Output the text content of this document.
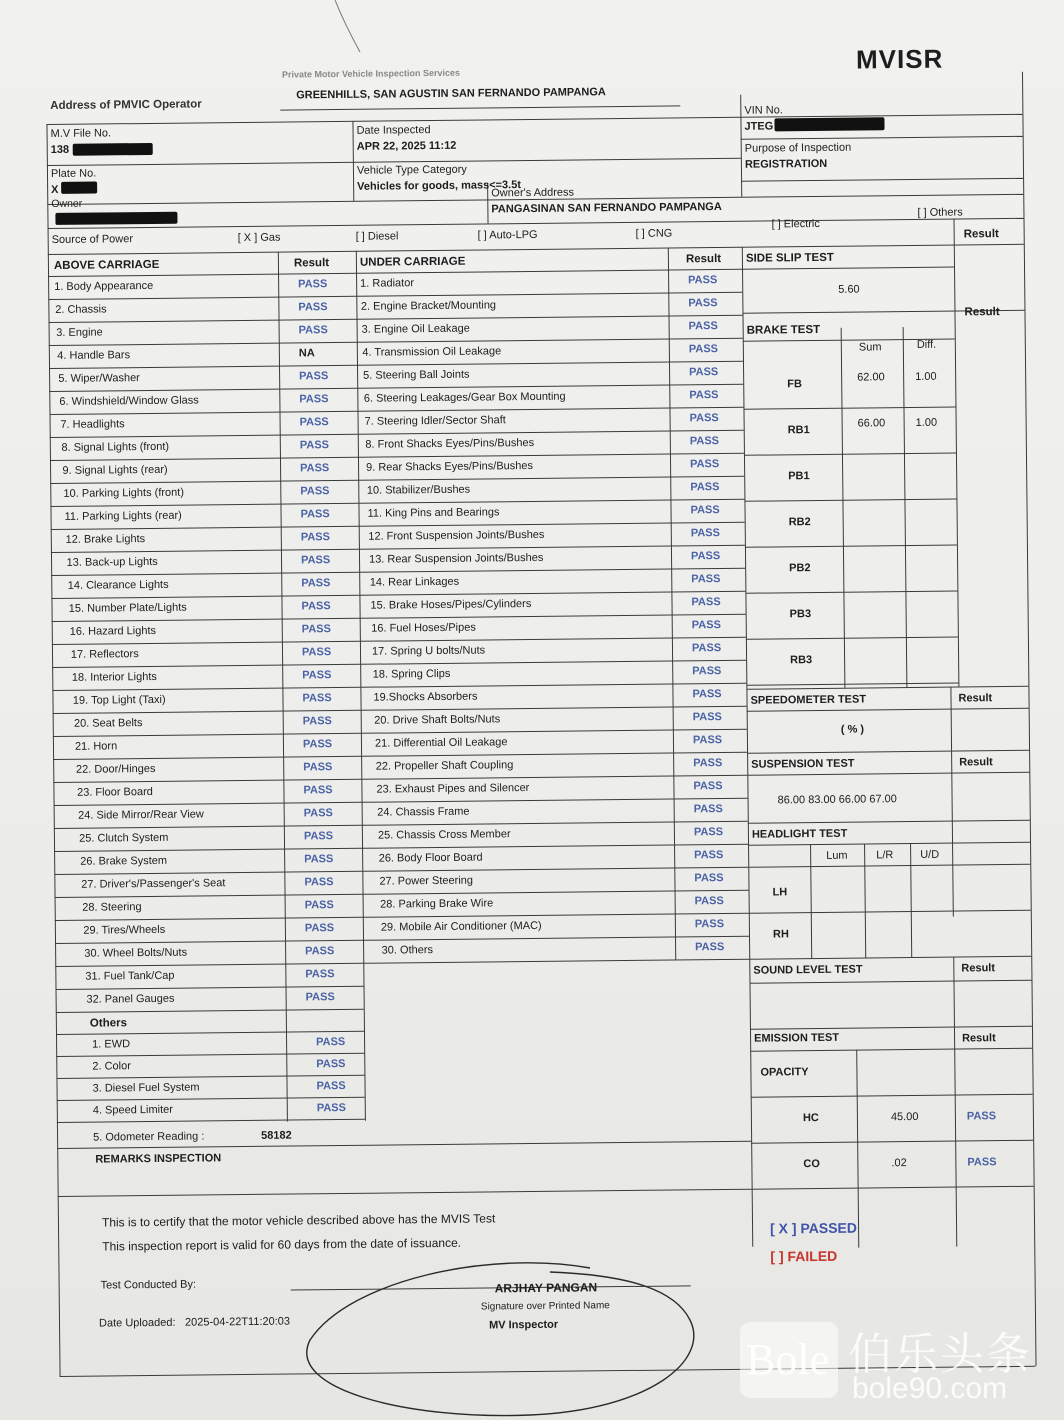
MVISR
Address of PMVIC Operator
Private Motor Vehicle Inspection Services
GREENHILLS, SAN AGUSTIN SAN FERNANDO PAMPANGA
M.V File No.
138
Date Inspected
APR 22, 2025 11:12
VIN No.
JTEG
Plate No.
X
Vehicle Type Category
Vehicles for goods, mass<=3.5t
Purpose of Inspection
REGISTRATION
Owner
Owner's Address
PANGASINAN SAN FERNANDO PAMPANGA
Source of Power	[ X ] Gas	[ ] Diesel	[ ] Auto-LPG	[ ] CNG
[ ] Electric
[ ] Others
ABOVE CARRIAGE	Result	UNDER CARRIAGE	Result
1. Body Appearance	PASS
2. Chassis	PASS
3. Engine	PASS
4. Handle Bars	NA
5. Wiper/Washer	PASS
6. Windshield/Window Glass	PASS
7. Headlights	PASS
8. Signal Lights (front)	PASS
9. Signal Lights (rear)	PASS
10. Parking Lights (front)	PASS
11. Parking Lights (rear)	PASS
12. Brake Lights	PASS
13. Back-up Lights	PASS
14. Clearance Lights	PASS
15. Number Plate/Lights	PASS
16. Hazard Lights	PASS
17. Reflectors	PASS
18. Interior Lights	PASS
19. Top Light (Taxi)	PASS
20. Seat Belts	PASS
21. Horn	PASS
22. Door/Hinges	PASS
23. Floor Board	PASS
24. Side Mirror/Rear View	PASS
25. Clutch System	PASS
26. Brake System	PASS
27. Driver's/Passenger's Seat	PASS
28. Steering	PASS
29. Tires/Wheels	PASS
30. Wheel Bolts/Nuts	PASS
31. Fuel Tank/Cap	PASS
32. Panel Gauges	PASS
1. Radiator	PASS
2. Engine Bracket/Mounting	PASS
3. Engine Oil Leakage	PASS
4. Transmission Oil Leakage	PASS
5. Steering Ball Joints	PASS
6. Steering Leakages/Gear Box Mounting	PASS
7. Steering Idler/Sector Shaft	PASS
8. Front Shacks Eyes/Pins/Bushes	PASS
9. Rear Shacks Eyes/Pins/Bushes	PASS
10. Stabilizer/Bushes	PASS
11. King Pins and Bearings	PASS
12. Front Suspension Joints/Bushes	PASS
13. Rear Suspension Joints/Bushes	PASS
14. Rear Linkages	PASS
15. Brake Hoses/Pipes/Cylinders	PASS
16. Fuel Hoses/Pipes	PASS
17. Spring U bolts/Nuts	PASS
18. Spring Clips	PASS
19.Shocks Absorbers	PASS
20. Drive Shaft Bolts/Nuts	PASS
21. Differential Oil Leakage	PASS
22. Propeller Shaft Coupling	PASS
23. Exhaust Pipes and Silencer	PASS
24. Chassis Frame	PASS
25. Chassis Cross Member	PASS
26. Body Floor Board	PASS
27. Power Steering	PASS
28. Parking Brake Wire	PASS
29. Mobile Air Conditioner (MAC)	PASS
30. Others	PASS
1. EWD	PASS
2. Color	PASS
3. Diesel Fuel System	PASS
4. Speed Limiter	PASS
Others
5. Odometer Reading :	58182
REMARKS INSPECTION
Result
SIDE SLIP TEST
5.60
Result
BRAKE TEST
Sum	Diff.
FB
62.00	1.00
RB1
66.00	1.00
PB1
RB2
PB2
PB3
RB3
SPEEDOMETER TEST	Result
( % )
SUSPENSION TEST	Result
86.00 83.00 66.00 67.00
HEADLIGHT TEST
Lum	L/R U/D
LH
RH
SOUND LEVEL TEST	Result
EMISSION TEST	Result
OPACITY
HC	45.00	PASS
CO	.02	PASS
This is to certify that the motor vehicle described above has the MVIS Test
This inspection report is valid for 60 days from the date of issuance.
[ X ] PASSED
[ ] FAILED
Test Conducted By:	ARJHAY PANGAN
Signature over Printed Name
MV Inspector
Date Uploaded: 2025-04-22T11:20:03
Bole 伯乐头条
bole90.com
